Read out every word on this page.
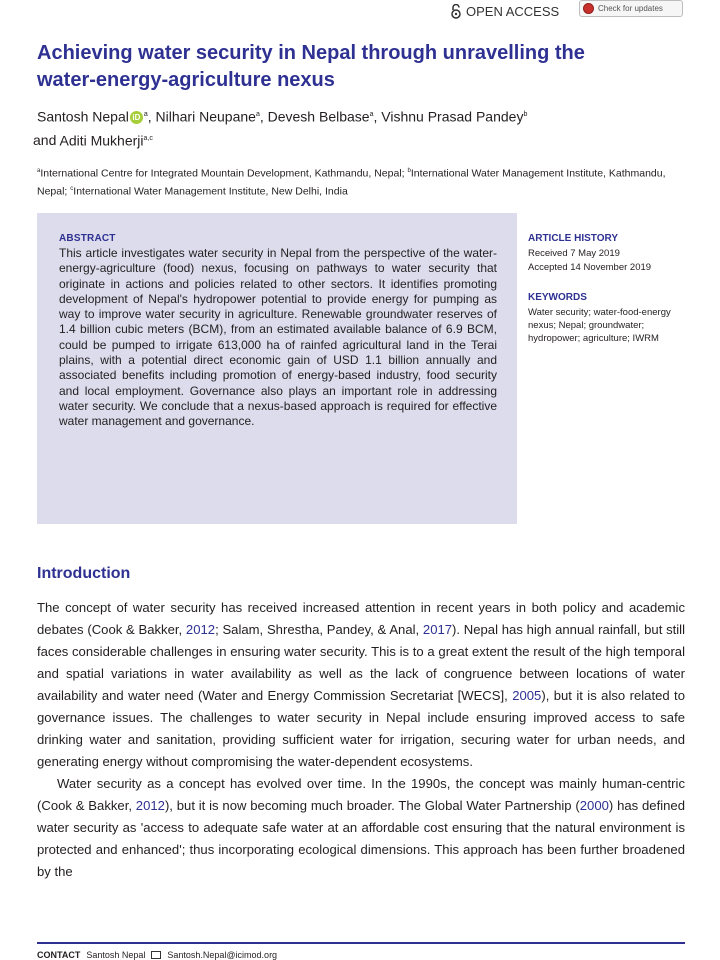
OPEN ACCESS	Check for updates
Achieving water security in Nepal through unravelling the
water-energy-agriculture nexus
Santosh Nepal iD $^a$, Nilhari Neupane$^a$, Devesh Belbase$^a$, Vishnu Prasad Pandey$^b$
and Aditi Mukherji$^{a,c}$
$^a$International Centre for Integrated Mountain Development, Kathmandu, Nepal; $^b$International Water Management Institute, Kathmandu, Nepal; $^c$International Water Management Institute, New Delhi, India
ABSTRACT
This article investigates water security in Nepal from the perspective of the water-energy-agriculture (food) nexus, focusing on pathways to water security that originate in actions and policies related to other sectors. It identifies promoting development of Nepal's hydropower potential to provide energy for pumping as way to improve water security in agriculture. Renewable groundwater reserves of 1.4 billion cubic meters (BCM), from an estimated available balance of 6.9 BCM, could be pumped to irrigate 613,000 ha of rainfed agricultural land in the Terai plains, with a potential direct economic gain of USD 1.1 billion annually and associated benefits including promotion of energy-based industry, food security and local employment. Governance also plays an important role in addressing water security. We conclude that a nexus-based approach is required for effective water management and governance.
ARTICLE HISTORY
Received 7 May 2019
Accepted 14 November 2019
KEYWORDS
Water security; water-food-energy nexus; Nepal; groundwater; hydropower; agriculture; IWRM
Introduction

The concept of water security has received increased attention in recent years in both policy and academic debates (Cook & Bakker, 2012; Salam, Shrestha, Pandey, & Anal, 2017). Nepal has high annual rainfall, but still faces considerable challenges in ensuring water security. This is to a great extent the result of the high temporal and spatial variations in water availability as well as the lack of congruence between locations of water availability and water need (Water and Energy Commission Secretariat [WECS], 2005), but it is also related to governance issues. The challenges to water security in Nepal include ensuring improved access to safe drinking water and sanitation, providing sufficient water for irrigation, securing water for urban needs, and generating energy without compromising the water-dependent ecosystems.

Water security as a concept has evolved over time. In the 1990s, the concept was mainly human-centric (Cook & Bakker, 2012), but it is now becoming much broader. The Global Water Partnership (2000) has defined water security as 'access to adequate safe water at an affordable cost ensuring that the natural environment is protected and enhanced'; thus incorporating ecological dimensions. This approach has been further broadened by the

CONTACT Santosh Nepal Santosh.Nepal@icimod.org
